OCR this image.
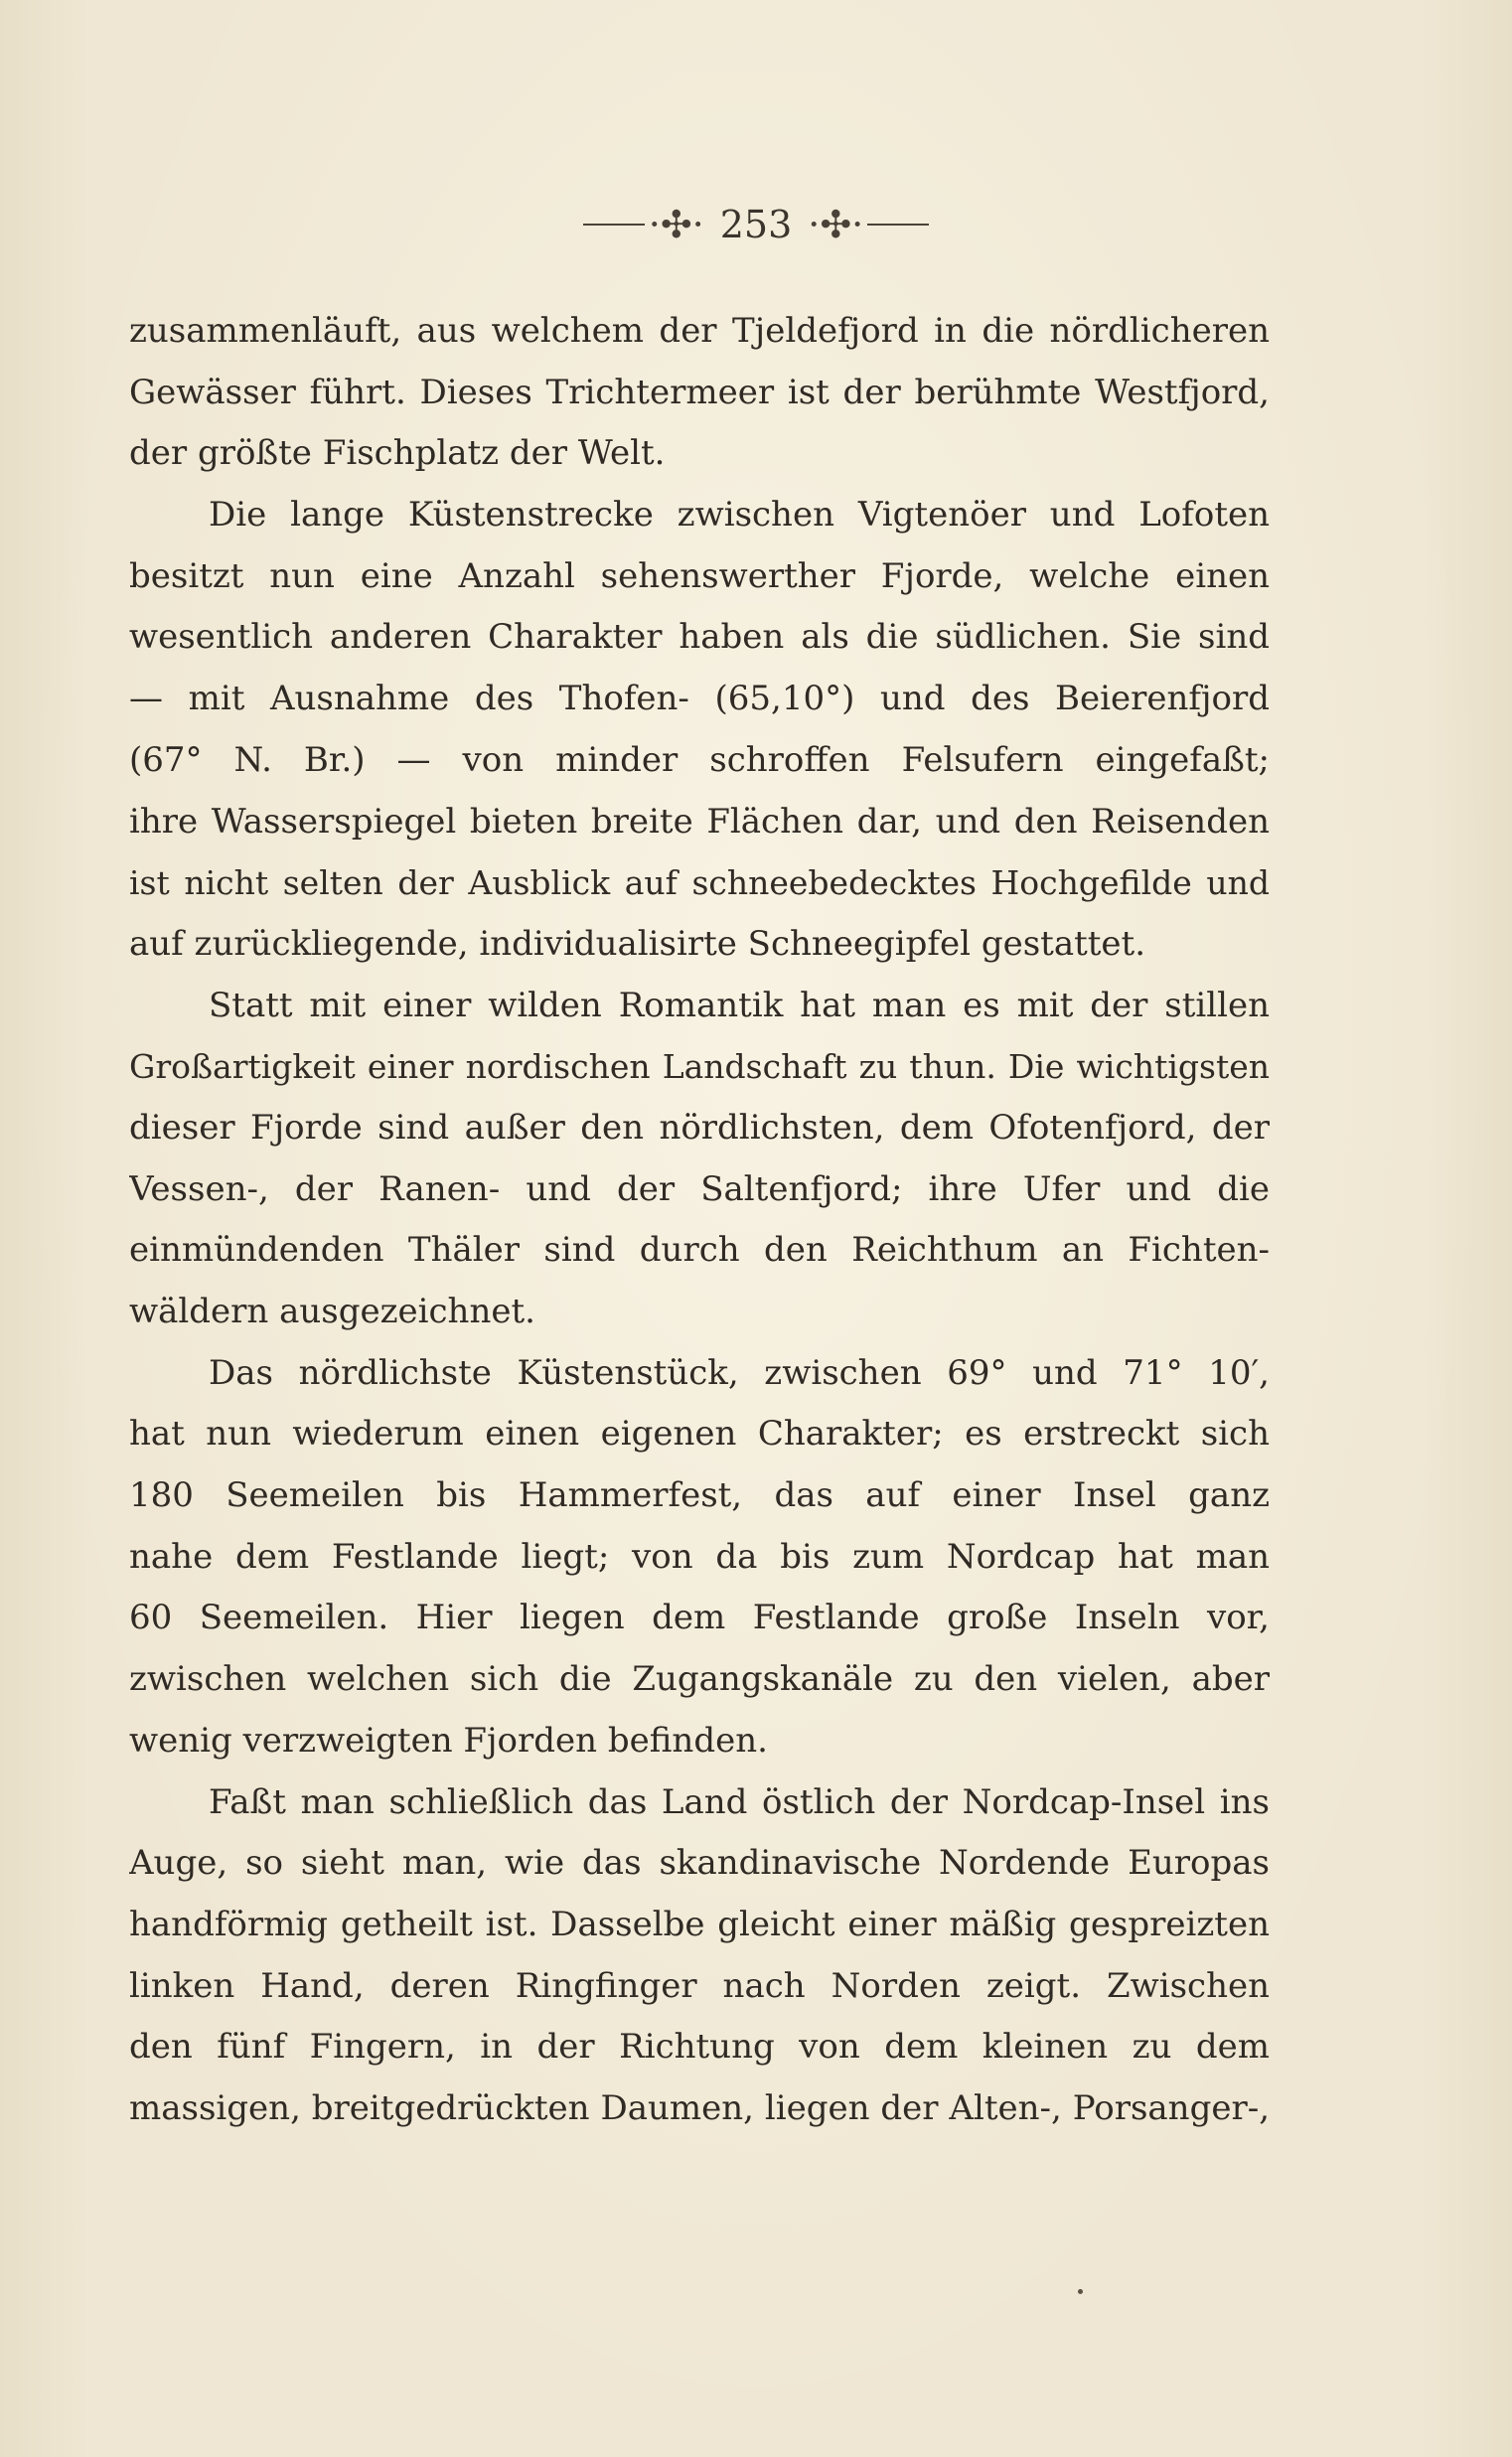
·✣· 253 ·✣·
zusammenläuft, aus welchem der Tjeldefjord in die nördlicheren
Gewässer führt. Dieses Trichtermeer ist der berühmte Westfjord,
der größte Fischplatz der Welt.
Die lange Küstenstrecke zwischen Vigtenöer und Lofoten
besitzt nun eine Anzahl sehenswerther Fjorde, welche einen
wesentlich anderen Charakter haben als die südlichen. Sie sind
— mit Ausnahme des Thofen- (65,10°) und des Beierenfjord
(67° N. Br.) — von minder schroffen Felsufern eingefaßt;
ihre Wasserspiegel bieten breite Flächen dar, und den Reisenden
ist nicht selten der Ausblick auf schneebedecktes Hochgefilde und
auf zurückliegende, individualisirte Schneegipfel gestattet.
Statt mit einer wilden Romantik hat man es mit der stillen
Großartigkeit einer nordischen Landschaft zu thun. Die wichtigsten
dieser Fjorde sind außer den nördlichsten, dem Ofotenfjord, der
Vessen-, der Ranen- und der Saltenfjord; ihre Ufer und die
einmündenden Thäler sind durch den Reichthum an Fichten-
wäldern ausgezeichnet.
Das nördlichste Küstenstück, zwischen 69° und 71° 10′,
hat nun wiederum einen eigenen Charakter; es erstreckt sich
180 Seemeilen bis Hammerfest, das auf einer Insel ganz
nahe dem Festlande liegt; von da bis zum Nordcap hat man
60 Seemeilen. Hier liegen dem Festlande große Inseln vor,
zwischen welchen sich die Zugangskanäle zu den vielen, aber
wenig verzweigten Fjorden befinden.
Faßt man schließlich das Land östlich der Nordcap-Insel ins
Auge, so sieht man, wie das skandinavische Nordende Europas
handförmig getheilt ist. Dasselbe gleicht einer mäßig gespreizten
linken Hand, deren Ringfinger nach Norden zeigt. Zwischen
den fünf Fingern, in der Richtung von dem kleinen zu dem
massigen, breitgedrückten Daumen, liegen der Alten-, Porsanger-,
